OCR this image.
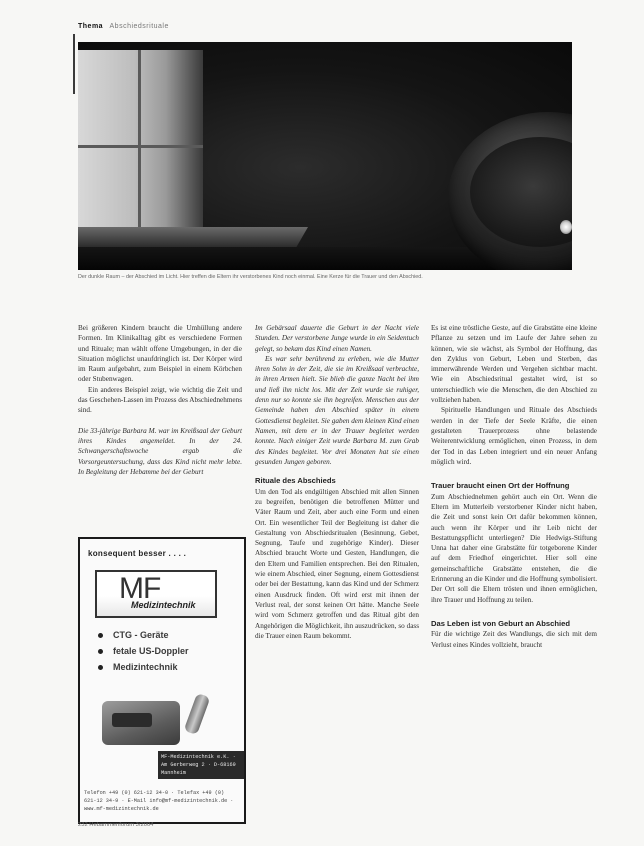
Thema Abschiedsrituale
Der dunkle Raum – der Abschied im Licht. Hier treffen die Eltern ihr verstorbenes Kind noch einmal. Eine Kerze für die Trauer und den Abschied.

Bei größeren Kindern braucht die Umhüllung andere Formen. Im Klinikalltag gibt es verschiedene Formen und Rituale; man wählt offene Umgebungen, in der die Situation möglichst unaufdringlich ist. Der Körper wird im Raum aufgebahrt, zum Beispiel in einem Körbchen oder Stubenwagen.

Ein anderes Beispiel zeigt, wie wichtig die Zeit und das Geschehen-Lassen im Prozess des Abschiednehmens sind.

Die 33-jährige Barbara M. war im Kreißsaal der Geburt ihres Kindes angemeldet. In der 24. Schwangerschaftswoche ergab die Vorsorgeuntersuchung, dass das Kind nicht mehr lebte. In Begleitung der Hebamme bei der Geburt

Im Gebärsaal dauerte die Geburt in der Nacht viele Stunden. Der verstorbene Junge wurde in ein Seidentuch gelegt, so bekam das Kind einen Namen.

Es war sehr berührend zu erleben, wie die Mutter ihren Sohn in der Zeit, die sie im Kreißsaal verbrachte, in ihren Armen hielt. Sie blieb die ganze Nacht bei ihm und ließ ihn nicht los. Mit der Zeit wurde sie ruhiger, denn nur so konnte sie ihn begreifen. Menschen aus der Gemeinde haben den Abschied später in einem Gottesdienst begleitet. Sie gaben dem kleinen Kind einen Namen, mit dem er in der Trauer begleitet werden konnte. Nach einiger Zeit wurde Barbara M. zum Grab des Kindes begleitet. Vor drei Monaten hat sie einen gesunden Jungen geboren.

Rituale des Abschieds

Um den Tod als endgültigen Abschied mit allen Sinnen zu begreifen, benötigen die betroffenen Mütter und Väter Raum und Zeit, aber auch eine Form und einen Ort. Ein wesentlicher Teil der Begleitung ist daher die Gestaltung von Abschiedsritualen (Besinnung, Gebet, Segnung, Taufe und zugehörige Kinder). Dieser Abschied braucht Worte und Gesten, Handlungen, die den Eltern und Familien entsprechen. Bei den Ritualen, wie einem Abschied, einer Segnung, einem Gottesdienst oder bei der Bestattung, kann das Kind und der Schmerz einen Ausdruck finden. Oft wird erst mit ihnen der Verlust real, der sonst keinen Ort hätte. Manche Seele wird vom Schmerz getroffen und das Ritual gibt den Angehörigen die Möglichkeit, ihn auszudrücken, so dass die Trauer einen Raum bekommt.

Es ist eine tröstliche Geste, auf die Grabstätte eine kleine Pflanze zu setzen und im Laufe der Jahre sehen zu können, wie sie wächst, als Symbol der Hoffnung, das den Zyklus von Geburt, Leben und Sterben, das immerwährende Werden und Vergehen sichtbar macht. Wie ein Abschiedsritual gestaltet wird, ist so unterschiedlich wie die Menschen, die den Abschied zu vollziehen haben.

Spirituelle Handlungen und Rituale des Abschieds werden in der Tiefe der Seele Kräfte, die einen gestalteten Trauerprozess ohne belastende Weiterentwicklung ermöglichen, einen Prozess, in dem der Tod in das Leben integriert und ein neuer Anfang möglich wird.

Trauer braucht einen Ort der Hoffnung

Zum Abschiednehmen gehört auch ein Ort. Wenn die Eltern im Mutterleib verstorbener Kinder nicht haben, die Zeit und sonst kein Ort dafür bekommen können, auch wenn ihr Körper und ihr Leib nicht der Bestattungspflicht unterliegen? Die Hedwigs-Stiftung Unna hat daher eine Grabstätte für totgeborene Kinder auf dem Friedhof eingerichtet. Hier soll eine gemeinschaftliche Grabstätte entstehen, die die Erinnerung an die Kinder und die Hoffnung symbolisiert. Der Ort soll die Eltern trösten und ihnen ermöglichen, ihre Trauer und Hoffnung zu teilen.

Das Leben ist von Geburt an Abschied

Für die wichtige Zeit des Wandlungs, die sich mit dem Verlust eines Kindes vollzieht, braucht

konsequent besser . . . .
MF
Medizintechnik
CTG - Geräte
fetale US-Doppler
Medizintechnik
MF-Medizintechnik e.K. · Am Gerberweg 2 · D-68169 Mannheim
Telefon +49 (0) 621-12 34-0 · Telefax +49 (0) 621-12 34-9 · E-Mail info@mf-medizintechnik.de · www.mf-medizintechnik.de
232 Hebammenforum 3/2004
